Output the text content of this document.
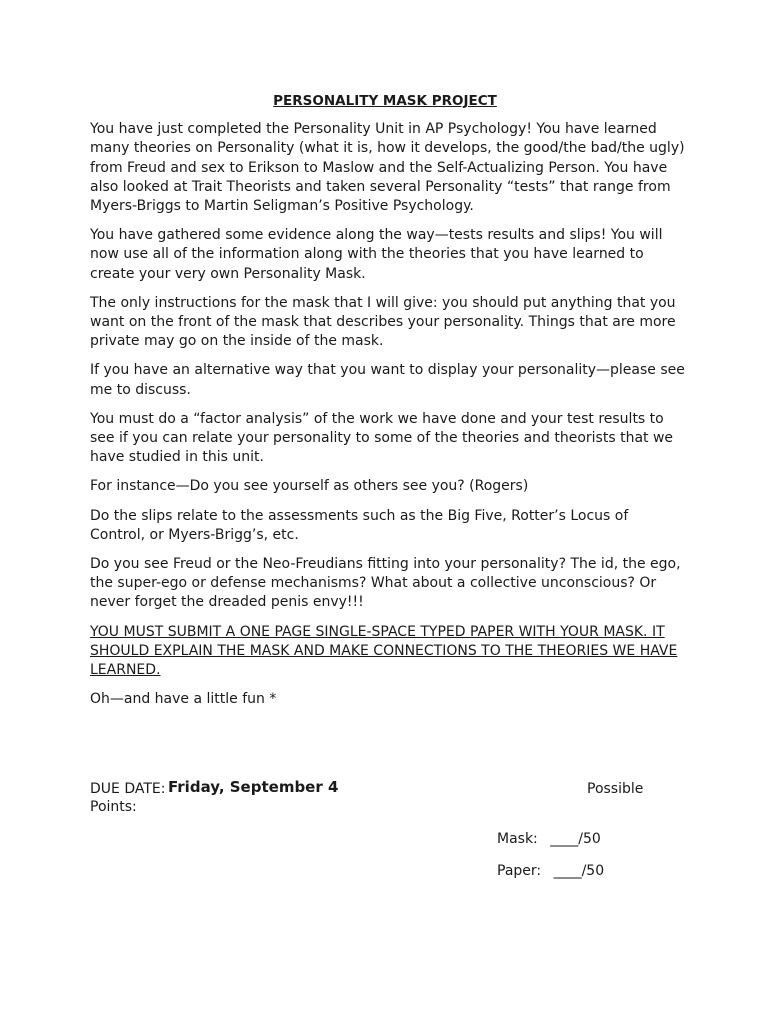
PERSONALITY MASK PROJECT
You have just completed the Personality Unit in AP Psychology! You have learned
many theories on Personality (what it is, how it develops, the good/the bad/the ugly)
from Freud and sex to Erikson to Maslow and the Self-Actualizing Person. You have
also looked at Trait Theorists and taken several Personality “tests” that range from
Myers-Briggs to Martin Seligman’s Positive Psychology.
You have gathered some evidence along the way—tests results and slips! You will
now use all of the information along with the theories that you have learned to
create your very own Personality Mask.
The only instructions for the mask that I will give: you should put anything that you
want on the front of the mask that describes your personality. Things that are more
private may go on the inside of the mask.
If you have an alternative way that you want to display your personality—please see
me to discuss.
You must do a “factor analysis” of the work we have done and your test results to
see if you can relate your personality to some of the theories and theorists that we
have studied in this unit.
For instance—Do you see yourself as others see you? (Rogers)
Do the slips relate to the assessments such as the Big Five, Rotter’s Locus of
Control, or Myers-Brigg’s, etc.
Do you see Freud or the Neo-Freudians fitting into your personality? The id, the ego,
the super-ego or defense mechanisms? What about a collective unconscious? Or
never forget the dreaded penis envy!!!
YOU MUST SUBMIT A ONE PAGE SINGLE-SPACE TYPED PAPER WITH YOUR MASK. IT
SHOULD EXPLAIN THE MASK AND MAKE CONNECTIONS TO THE THEORIES WE HAVE
LEARNED.
Oh—and have a little fun *
DUE DATE: Friday, September 4	Possible
Points:
Mask: ____/50
Paper: ____/50
